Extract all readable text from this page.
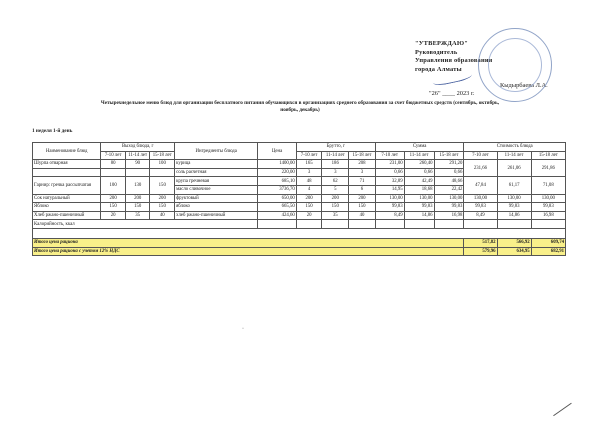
"УТВЕРЖДАЮ"
Руководитель
Управления образования
города Алматы
Кыдырбаева Л.А.
"26" ____ 2023 г.
Четырехнедельное меню блюд для организации бесплатного питания обучающихся в организациях среднего образования за счет бюджетных средств (сентябрь, октябрь, ноябрь, декабрь)
1 неделя 1-й день
Наименование блюд	Выход блюда, г			Ингредиенты блюда	Цена	Брутто, г			Сумма			Стоимость блюда		
	7-10 лет	11-14 лет	15-18 лет			7-10 лет	11-14 лет	15-18 лет	7-10 лет	11-14 лет	15-18 лет	7-10 лет	11-14 лет	15-18 лет
Шурпа отварная	80	90	100	курица	1400,00	165	186	208	231,00	260,40	291,20	231,66	261,06	291,86
				соль расчетная	220,00	3	3	3	0,66	0,66	0,66			
Гарнир: гречка рассыпчатая	100	130	150	крупа гречневая	685,10	48	62	71	32,89	42,49	48,66	47,84	61,17	71,08
				масло сливочное	3736,70	4	5	6	14,95	18,68	22,42			
Сок натуральный	200	200	200	фруктовый	650,00	200	200	200	130,00	130,00	130,00	130,00	130,00	130,00
Яблоко	150	150	150	яблоко	665,50	150	150	150	99,83	99,83	99,83	99,83	99,83	99,83
Хлеб ржано-пшеничный	20	35	40	хлеб ржано-пшеничный	424,60	20	35	40	8,49	14,86	16,98	8,49	14,86	16,98
Калорийность, ккал														

Итого цена рациона												517,82	566,92	609,74
Итого цена рациона с учетом 12% НДС												579,96	634,95	682,91
·
